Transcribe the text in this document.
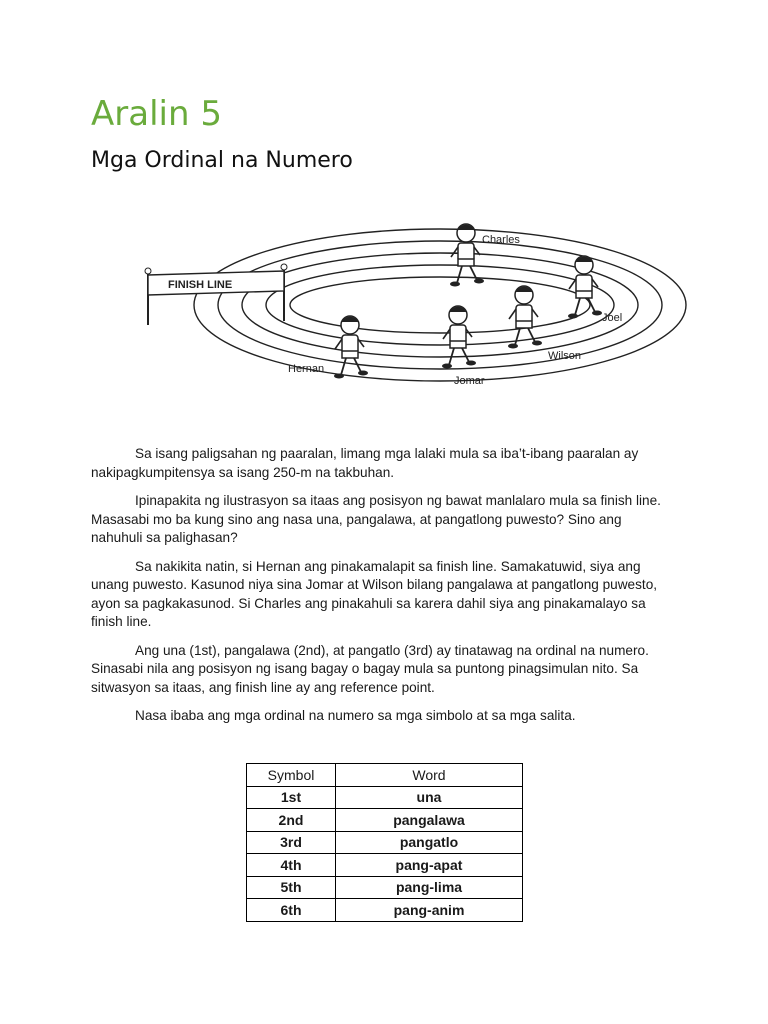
Aralin 5
Mga Ordinal na Numero
FINISH LINE
Charles
Joel
Wilson
Jomar
Hernan

Sa isang paligsahan ng paaralan, limang mga lalaki mula sa iba’t-ibang paaralan ay nakipagkumpitensya sa isang 250-m na takbuhan.

Ipinapakita ng ilustrasyon sa itaas ang posisyon ng bawat manlalaro mula sa finish line. Masasabi mo ba kung sino ang nasa una, pangalawa, at pangatlong puwesto? Sino ang nahuhuli sa palighasan?

Sa nakikita natin, si Hernan ang pinakamalapit sa finish line. Samakatuwid, siya ang unang puwesto. Kasunod niya sina Jomar at Wilson bilang pangalawa at pangatlong puwesto, ayon sa pagkakasunod. Si Charles ang pinakahuli sa karera dahil siya ang pinakamalayo sa finish line.

Ang una (1st), pangalawa (2nd), at pangatlo (3rd) ay tinatawag na ordinal na numero. Sinasabi nila ang posisyon ng isang bagay o bagay mula sa puntong pinagsimulan nito. Sa sitwasyon sa itaas, ang finish line ay ang reference point.

Nasa ibaba ang mga ordinal na numero sa mga simbolo at sa mga salita.

Symbol	Word
1st	una
2nd	pangalawa
3rd	pangatlo
4th	pang-apat
5th	pang-lima
6th	pang-anim
